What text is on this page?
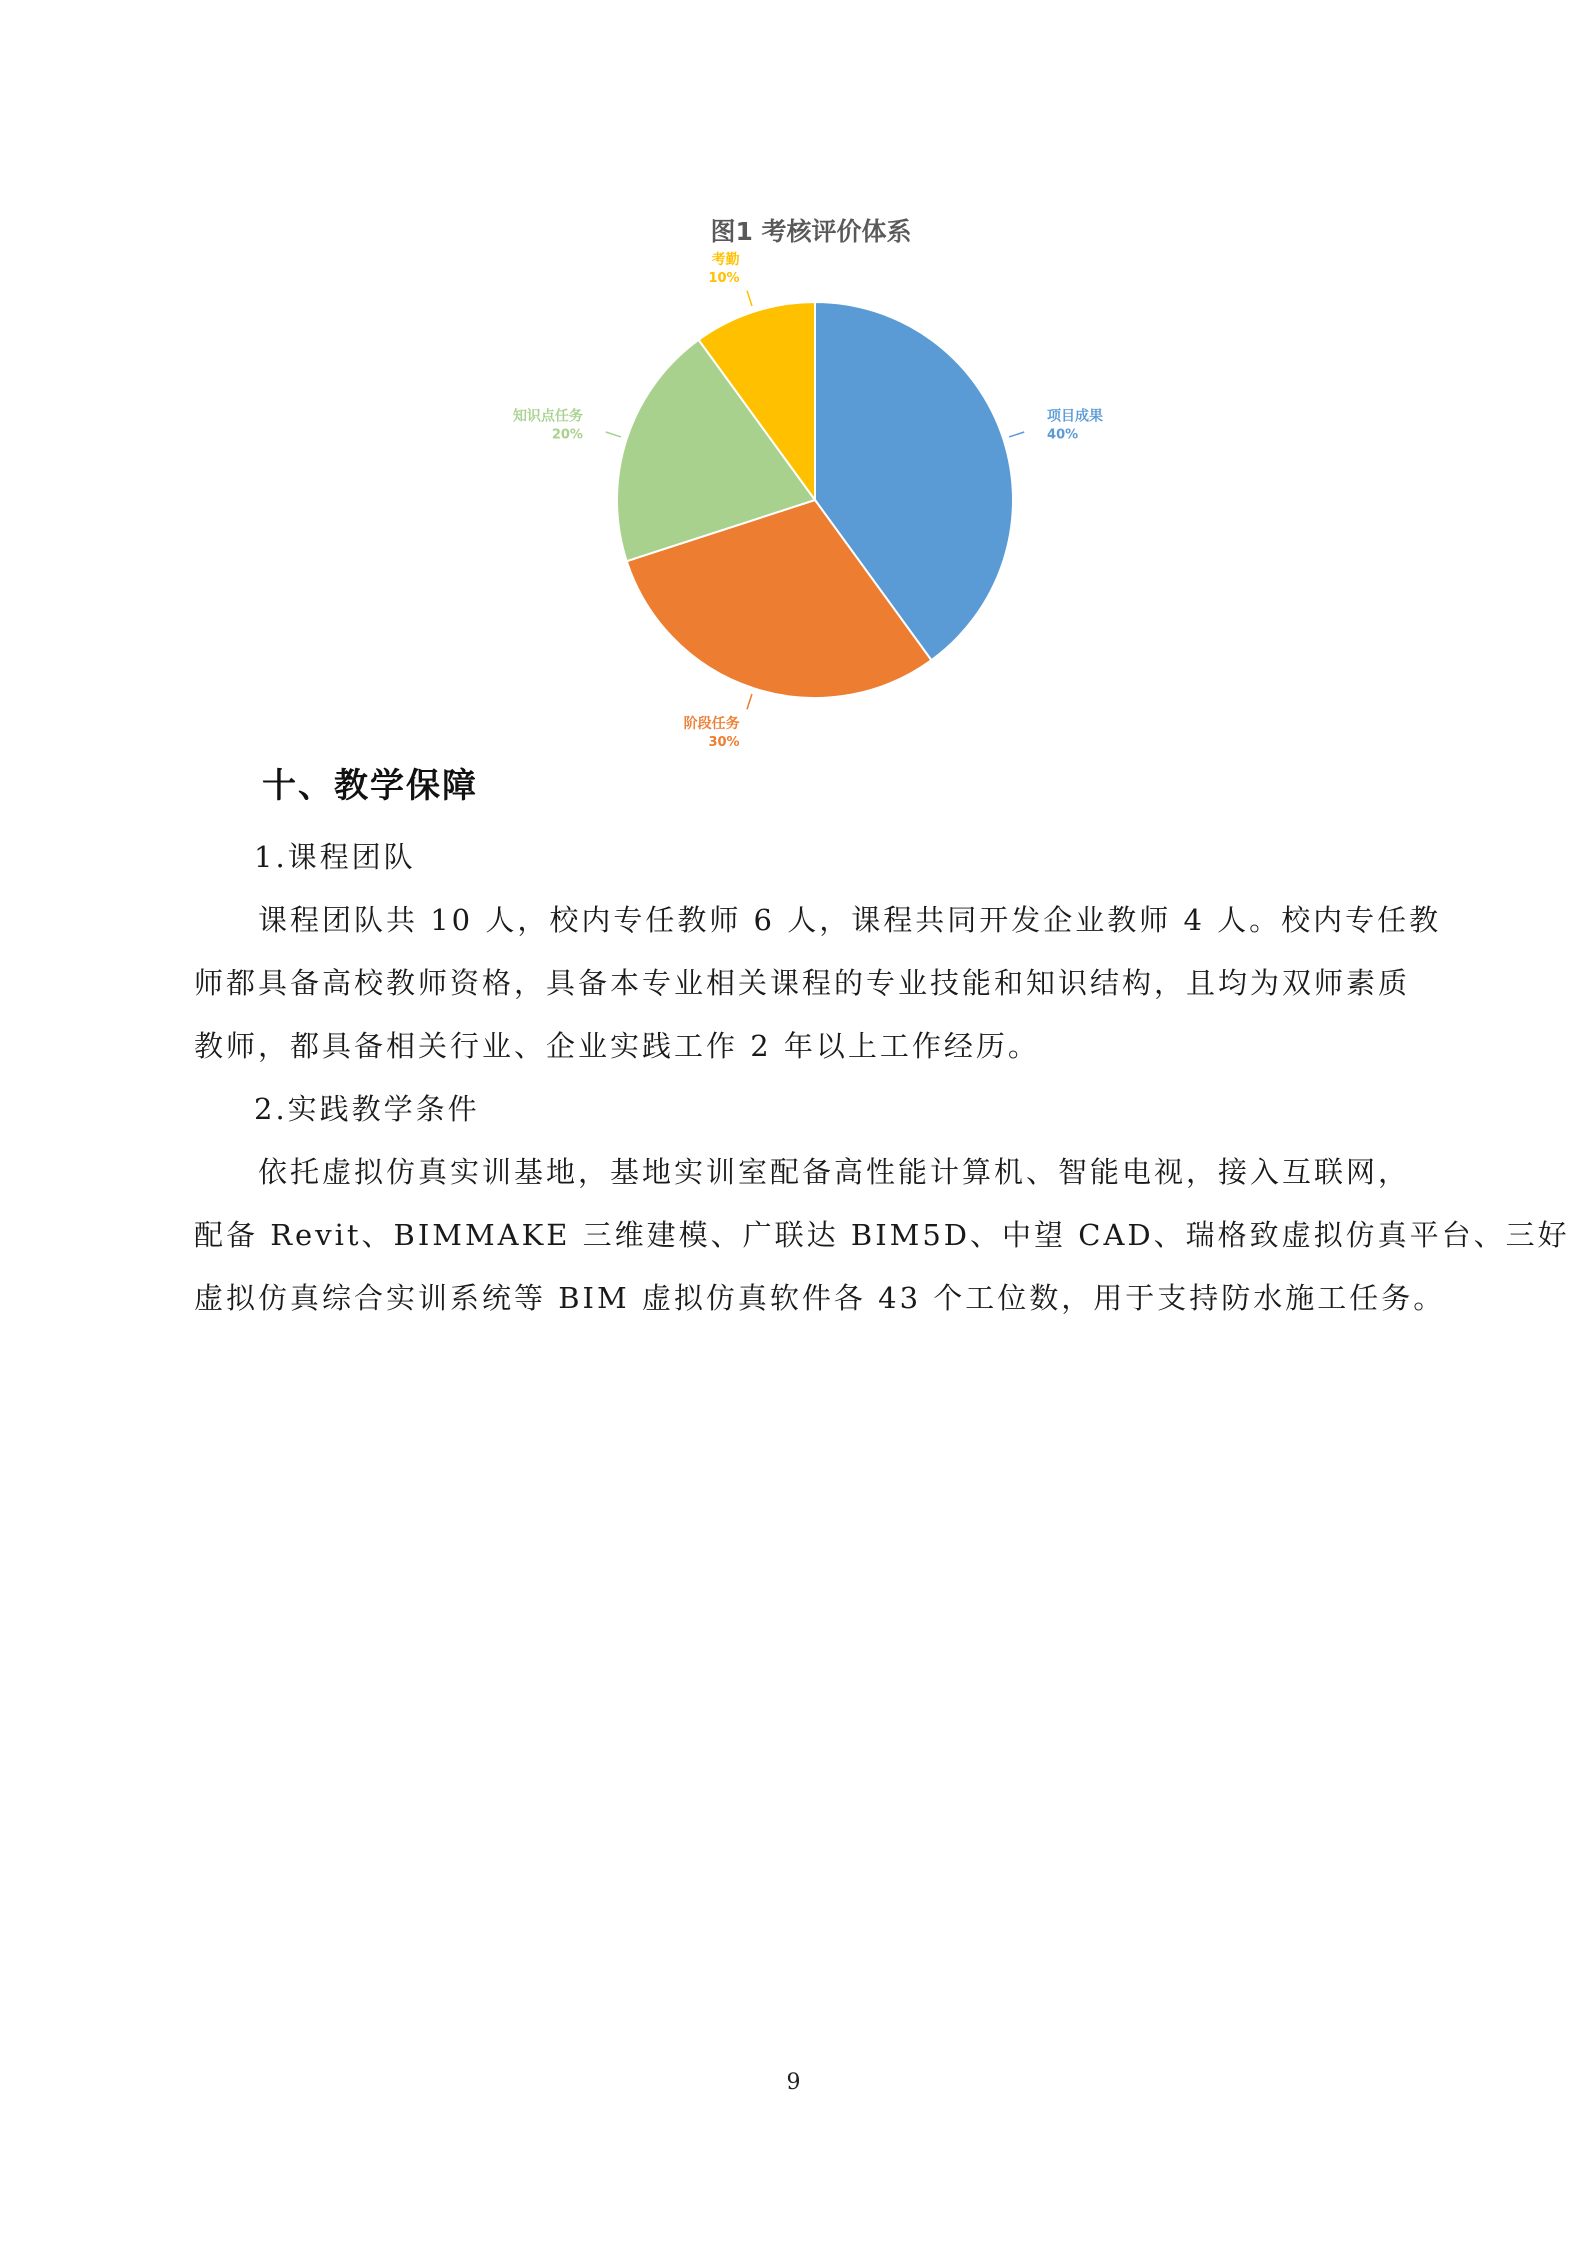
图1 考核评价体系
项目成果
40%
阶段任务
30%
知识点任务
20%
考勤
10%
十、教学保障
1.课程团队
课程团队共 10 人，校内专任教师 6 人，课程共同开发企业教师 4 人。校内专任教
师都具备高校教师资格，具备本专业相关课程的专业技能和知识结构，且均为双师素质
教师，都具备相关行业、企业实践工作 2 年以上工作经历。
2.实践教学条件
依托虚拟仿真实训基地，基地实训室配备高性能计算机、智能电视，接入互联网，
配备 Revit、BIMMAKE 三维建模、广联达 BIM5D、中望 CAD、瑞格致虚拟仿真平台、三好
虚拟仿真综合实训系统等 BIM 虚拟仿真软件各 43 个工位数，用于支持防水施工任务。
9
